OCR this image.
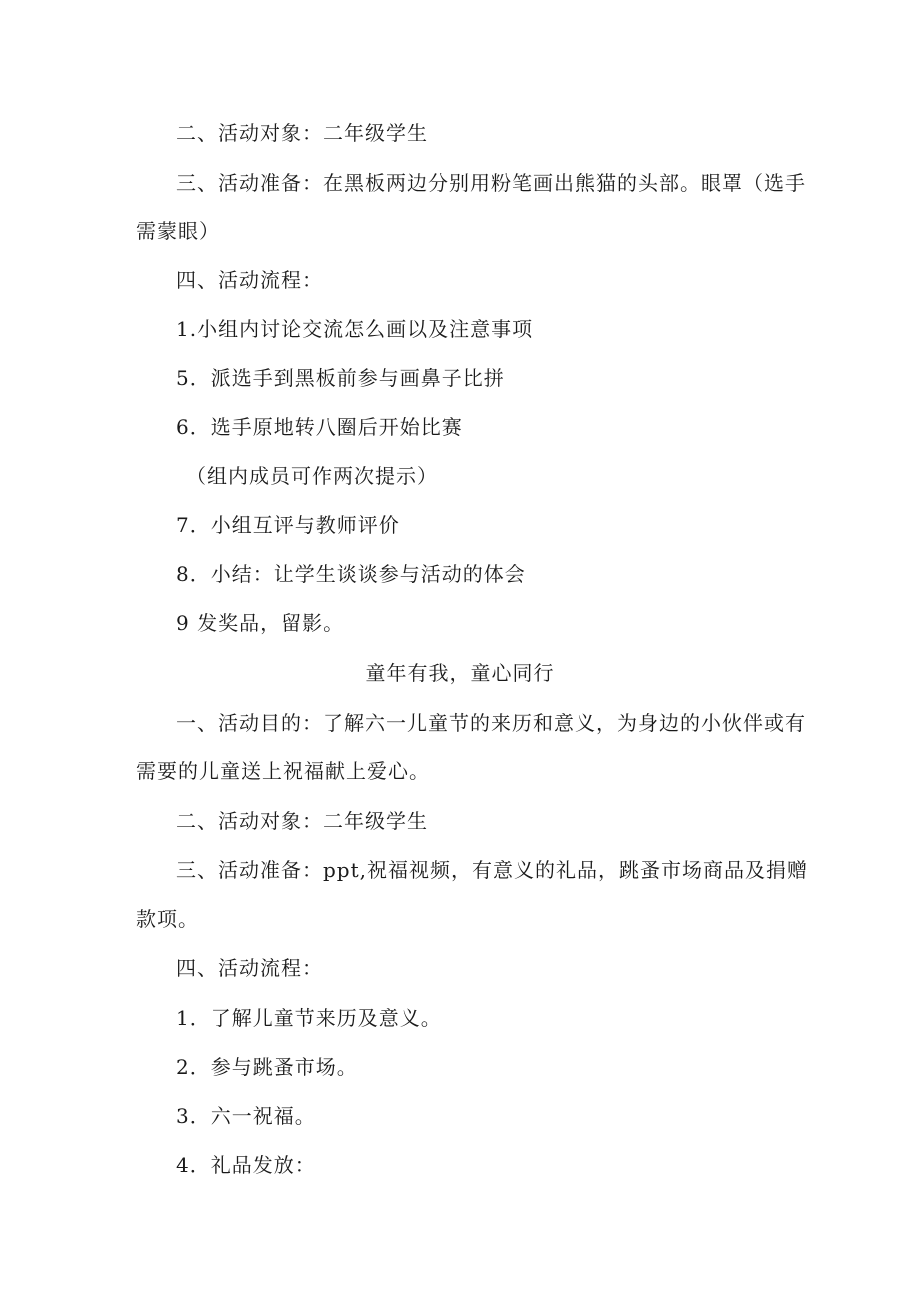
二、活动对象：二年级学生
三、活动准备：在黑板两边分别用粉笔画出熊猫的头部。眼罩（选手
需蒙眼）
四、活动流程：
1.小组内讨论交流怎么画以及注意事项
5．派选手到黑板前参与画鼻子比拼
6．选手原地转八圈后开始比赛
（组内成员可作两次提示）
7．小组互评与教师评价
8．小结：让学生谈谈参与活动的体会
9 发奖品，留影。
童年有我，童心同行
一、活动目的：了解六一儿童节的来历和意义，为身边的小伙伴或有
需要的儿童送上祝福献上爱心。
二、活动对象：二年级学生
三、活动准备：ppt,祝福视频，有意义的礼品，跳蚤市场商品及捐赠
款项。
四、活动流程：
1．了解儿童节来历及意义。
2．参与跳蚤市场。
3．六一祝福。
4．礼品发放：
